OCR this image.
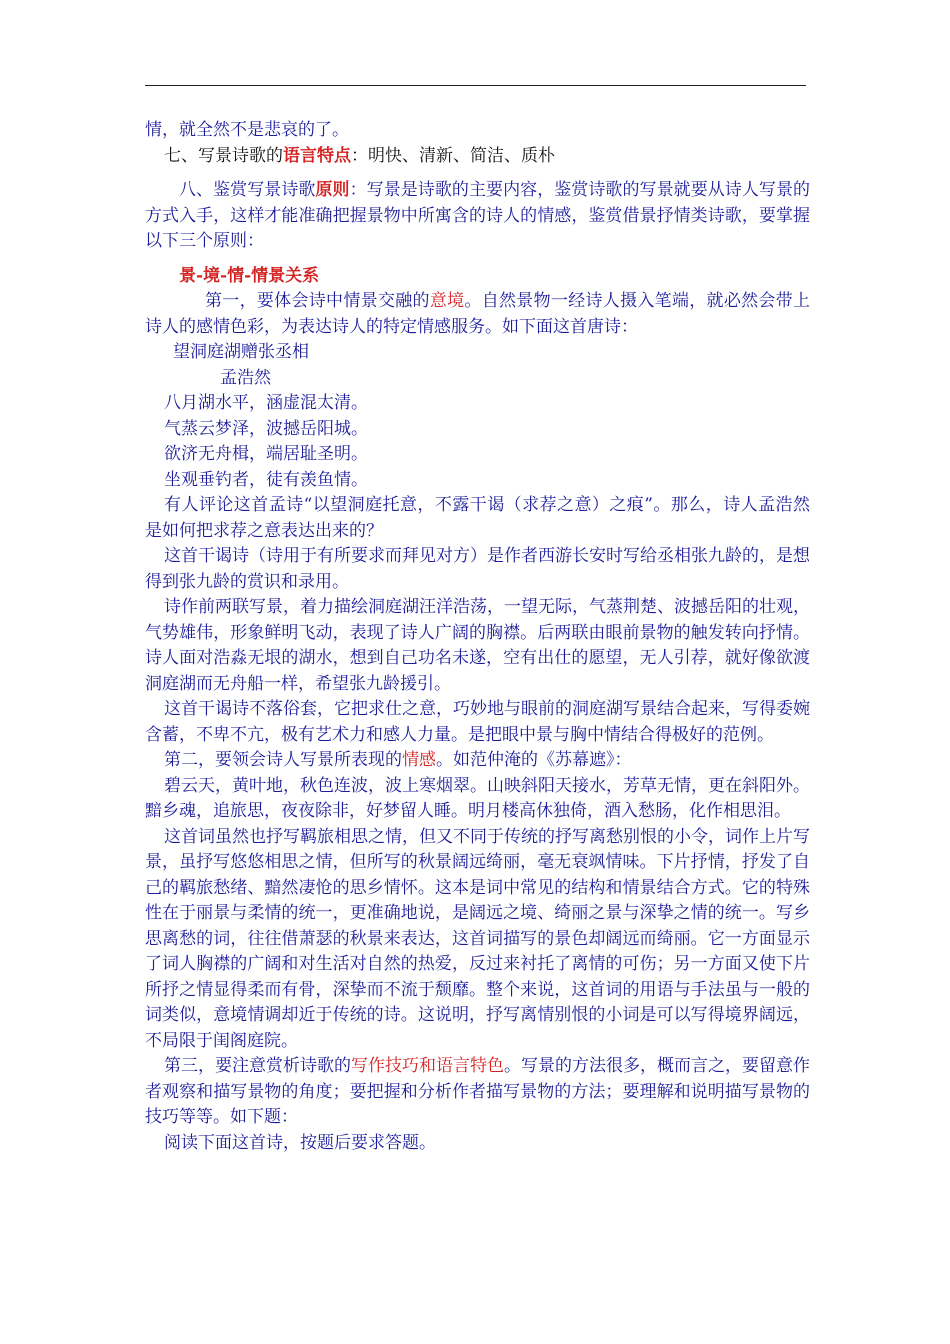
情，就全然不是悲哀的了。

七、写景诗歌的语言特点：明快、清新、简洁、质朴

八、鉴赏写景诗歌原则：写景是诗歌的主要内容，鉴赏诗歌的写景就要从诗人写景的方式入手，这样才能准确把握景物中所寓含的诗人的情感，鉴赏借景抒情类诗歌，要掌握以下三个原则：

景-境-情-情景关系

第一，要体会诗中情景交融的意境。自然景物一经诗人摄入笔端，就必然会带上诗人的感情色彩，为表达诗人的特定情感服务。如下面这首唐诗：

望洞庭湖赠张丞相

孟浩然

八月湖水平，涵虚混太清。

气蒸云梦泽，波撼岳阳城。

欲济无舟楫，端居耻圣明。

坐观垂钓者，徒有羡鱼情。

有人评论这首孟诗“以望洞庭托意，不露干谒（求荐之意）之痕”。那么，诗人孟浩然是如何把求荐之意表达出来的？

这首干谒诗（诗用于有所要求而拜见对方）是作者西游长安时写给丞相张九龄的，是想得到张九龄的赏识和录用。

诗作前两联写景，着力描绘洞庭湖汪洋浩荡，一望无际，气蒸荆楚、波撼岳阳的壮观，气势雄伟，形象鲜明飞动，表现了诗人广阔的胸襟。后两联由眼前景物的触发转向抒情。诗人面对浩淼无垠的湖水，想到自己功名未遂，空有出仕的愿望，无人引荐，就好像欲渡洞庭湖而无舟船一样，希望张九龄援引。

这首干谒诗不落俗套，它把求仕之意，巧妙地与眼前的洞庭湖写景结合起来，写得委婉含蓄，不卑不亢，极有艺术力和感人力量。是把眼中景与胸中情结合得极好的范例。

第二，要领会诗人写景所表现的情感。如范仲淹的《苏幕遮》：

碧云天，黄叶地，秋色连波，波上寒烟翠。山映斜阳天接水，芳草无情，更在斜阳外。黯乡魂，追旅思，夜夜除非，好梦留人睡。明月楼高休独倚，酒入愁肠，化作相思泪。

这首词虽然也抒写羁旅相思之情，但又不同于传统的抒写离愁别恨的小令，词作上片写景，虽抒写悠悠相思之情，但所写的秋景阔远绮丽，毫无衰飒情味。下片抒情，抒发了自己的羁旅愁绪、黯然凄怆的思乡情怀。这本是词中常见的结构和情景结合方式。它的特殊性在于丽景与柔情的统一，更准确地说，是阔远之境、绮丽之景与深挚之情的统一。写乡思离愁的词，往往借萧瑟的秋景来表达，这首词描写的景色却阔远而绮丽。它一方面显示了词人胸襟的广阔和对生活对自然的热爱，反过来衬托了离情的可伤；另一方面又使下片所抒之情显得柔而有骨，深挚而不流于颓靡。整个来说，这首词的用语与手法虽与一般的词类似，意境情调却近于传统的诗。这说明，抒写离情别恨的小词是可以写得境界阔远，不局限于闺阁庭院。

第三，要注意赏析诗歌的写作技巧和语言特色。写景的方法很多，概而言之，要留意作者观察和描写景物的角度；要把握和分析作者描写景物的方法；要理解和说明描写景物的技巧等等。如下题：

阅读下面这首诗，按题后要求答题。
